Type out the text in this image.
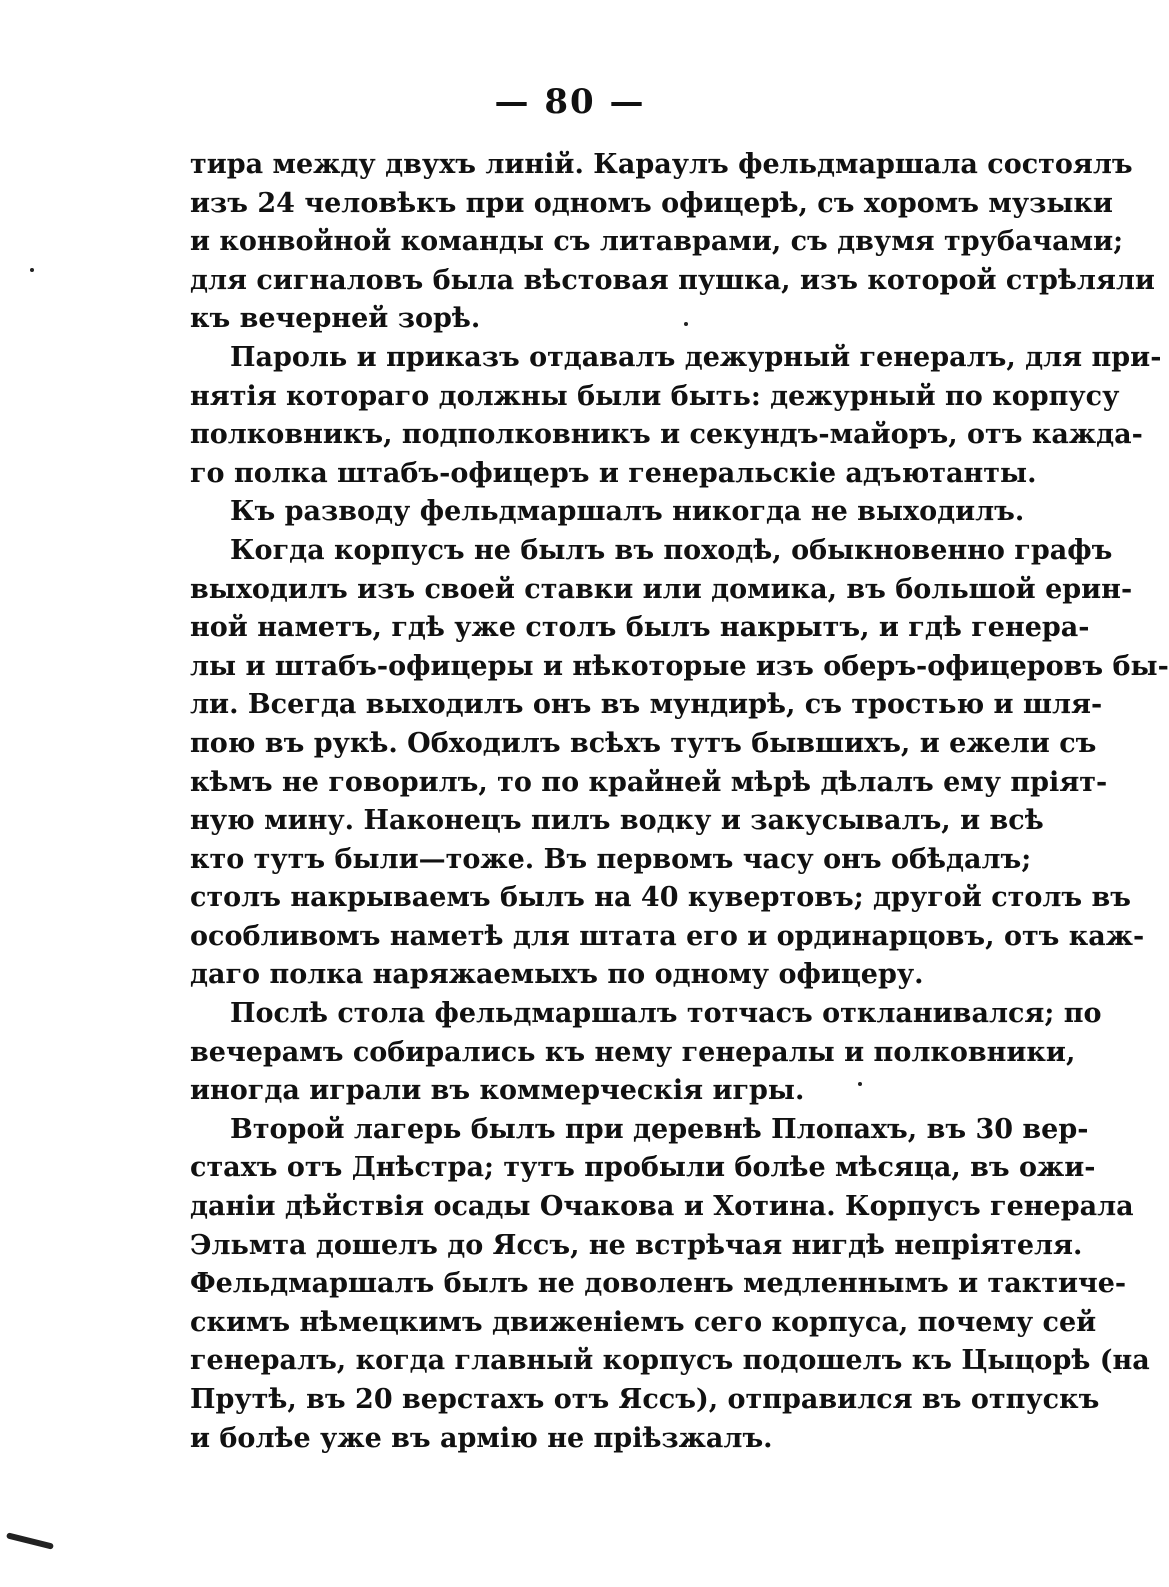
— 80 —
тира между двухъ линій. Караулъ фельдмаршала состоялъ
изъ 24 человѣкъ при одномъ офицерѣ, съ хоромъ музыки
и конвойной команды съ литаврами, съ двумя трубачами;
для сигналовъ была вѣстовая пушка, изъ которой стрѣляли
къ вечерней зорѣ.
Пароль и приказъ отдавалъ дежурный генералъ, для при-
нятія котораго должны были быть: дежурный по корпусу
полковникъ, подполковникъ и секундъ-майоръ, отъ кажда-
го полка штабъ-офицеръ и генеральскіе адъютанты.
Къ разводу фельдмаршалъ никогда не выходилъ.
Когда корпусъ не былъ въ походѣ, обыкновенно графъ
выходилъ изъ своей ставки или домика, въ большой ерин-
ной наметъ, гдѣ уже столъ былъ накрытъ, и гдѣ генера-
лы и штабъ-офицеры и нѣкоторые изъ оберъ-офицеровъ бы-
ли. Всегда выходилъ онъ въ мундирѣ, съ тростью и шля-
пою въ рукѣ. Обходилъ всѣхъ тутъ бывшихъ, и ежели съ
кѣмъ не говорилъ, то по крайней мѣрѣ дѣлалъ ему пріят-
ную мину. Наконецъ пилъ водку и закусывалъ, и всѣ
кто тутъ были—тоже. Въ первомъ часу онъ обѣдалъ;
столъ накрываемъ былъ на 40 кувертовъ; другой столъ въ
особливомъ наметѣ для штата его и ординарцовъ, отъ каж-
даго полка наряжаемыхъ по одному офицеру.
Послѣ стола фельдмаршалъ тотчасъ откланивался; по
вечерамъ собирались къ нему генералы и полковники,
иногда играли въ коммерческія игры.
Второй лагерь былъ при деревнѣ Плопахъ, въ 30 вер-
стахъ отъ Днѣстра; тутъ пробыли болѣе мѣсяца, въ ожи-
даніи дѣйствія осады Очакова и Хотина. Корпусъ генерала
Эльмта дошелъ до Яссъ, не встрѣчая нигдѣ непріятеля.
Фельдмаршалъ былъ не доволенъ медленнымъ и тактиче-
скимъ нѣмецкимъ движеніемъ сего корпуса, почему сей
генералъ, когда главный корпусъ подошелъ къ Цыцорѣ (на
Прутѣ, въ 20 верстахъ отъ Яссъ), отправился въ отпускъ
и болѣе уже въ армію не пріѣзжалъ.
